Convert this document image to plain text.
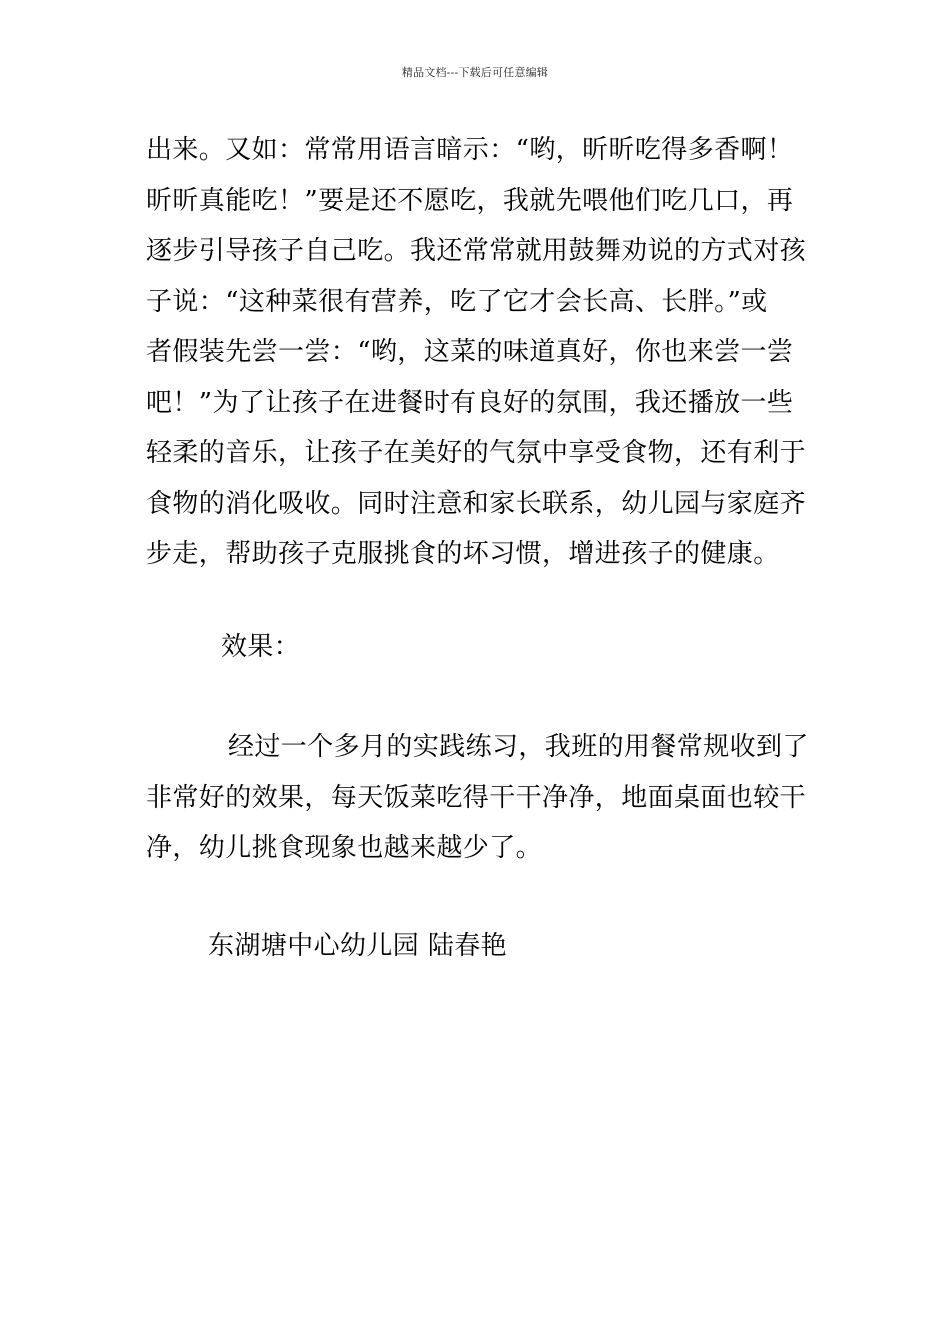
精品文档---下载后可任意编辑
出来。又如：常常用语言暗示：“哟，昕昕吃得多香啊！
昕昕真能吃！”要是还不愿吃，我就先喂他们吃几口，再
逐步引导孩子自己吃。我还常常就用鼓舞劝说的方式对孩
子说：“这种菜很有营养，吃了它才会长高、长胖。”或
者假装先尝一尝：“哟，这菜的味道真好，你也来尝一尝
吧！”为了让孩子在进餐时有良好的氛围，我还播放一些
轻柔的音乐，让孩子在美好的气氛中享受食物，还有利于
食物的消化吸收。同时注意和家长联系，幼儿园与家庭齐
步走，帮助孩子克服挑食的坏习惯，增进孩子的健康。
效果：
经过一个多月的实践练习，我班的用餐常规收到了
非常好的效果，每天饭菜吃得干干净净，地面桌面也较干
净，幼儿挑食现象也越来越少了。
东湖塘中心幼儿园 陆春艳
